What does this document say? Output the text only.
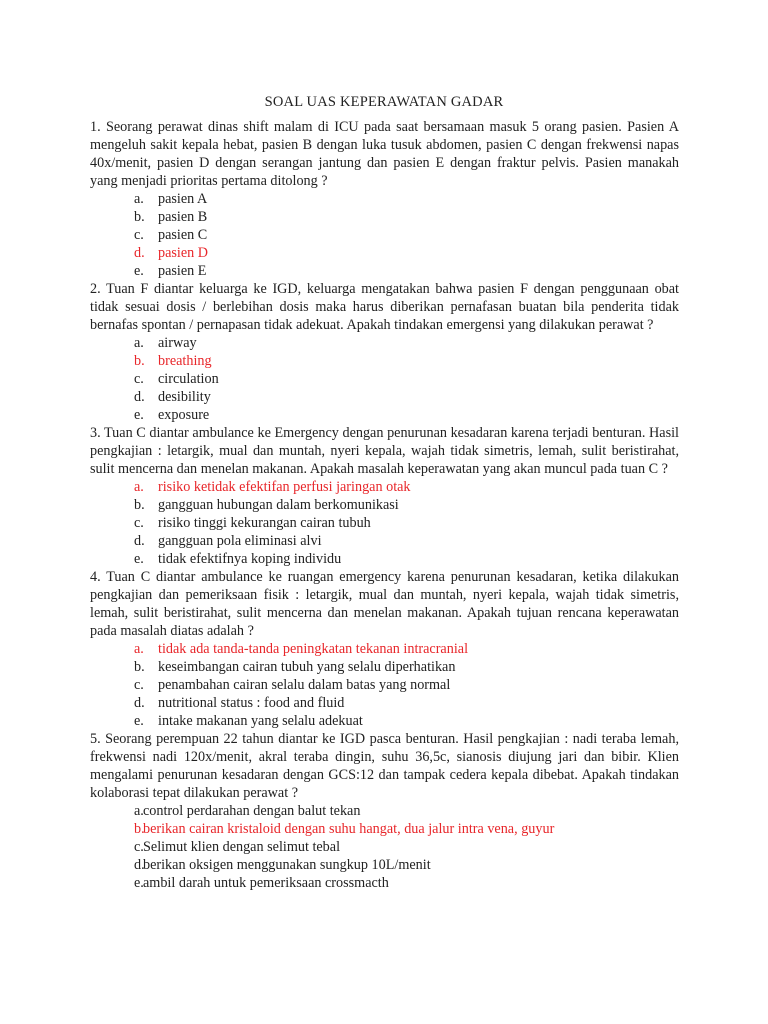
SOAL UAS KEPERAWATAN GADAR

1. Seorang perawat dinas shift malam di ICU pada saat bersamaan masuk 5 orang pasien. Pasien A mengeluh sakit kepala hebat, pasien B dengan luka tusuk abdomen, pasien C dengan frekwensi napas 40x/menit, pasien D dengan serangan jantung dan pasien E dengan fraktur pelvis. Pasien manakah yang menjadi prioritas pertama ditolong ?

a. pasien A
b. pasien B
c. pasien C
d. pasien D
e. pasien E

2. Tuan F diantar keluarga ke IGD, keluarga mengatakan bahwa pasien F dengan penggunaan obat tidak sesuai dosis / berlebihan dosis maka harus diberikan pernafasan buatan bila penderita tidak bernafas spontan / pernapasan tidak adekuat. Apakah tindakan emergensi yang dilakukan perawat ?

a. airway
b. breathing
c. circulation
d. desibility
e. exposure

3. Tuan C diantar ambulance ke Emergency dengan penurunan kesadaran karena terjadi benturan. Hasil pengkajian : letargik, mual dan muntah, nyeri kepala, wajah tidak simetris, lemah, sulit beristirahat, sulit mencerna dan menelan makanan. Apakah masalah keperawatan yang akan muncul pada tuan C ?

a. risiko ketidak efektifan perfusi jaringan otak
b. gangguan hubungan dalam berkomunikasi
c. risiko tinggi kekurangan cairan tubuh
d. gangguan pola eliminasi alvi
e. tidak efektifnya koping individu

4. Tuan C diantar ambulance ke ruangan emergency karena penurunan kesadaran, ketika dilakukan pengkajian dan pemeriksaan fisik : letargik, mual dan muntah, nyeri kepala, wajah tidak simetris, lemah, sulit beristirahat, sulit mencerna dan menelan makanan. Apakah tujuan rencana keperawatan pada masalah diatas adalah ?

a. tidak ada tanda-tanda peningkatan tekanan intracranial
b. keseimbangan cairan tubuh yang selalu diperhatikan
c. penambahan cairan selalu dalam batas yang normal
d. nutritional status : food and fluid
e. intake makanan yang selalu adekuat

5. Seorang perempuan 22 tahun diantar ke IGD pasca benturan. Hasil pengkajian : nadi teraba lemah, frekwensi nadi 120x/menit, akral teraba dingin, suhu 36,5c, sianosis diujung jari dan bibir. Klien mengalami penurunan kesadaran dengan GCS:12 dan tampak cedera kepala dibebat. Apakah tindakan kolaborasi tepat dilakukan perawat ?

a. control perdarahan dengan balut tekan
b.
berikan cairan kristaloid dengan suhu hangat, dua jalur intra vena, guyur
c. Selimut klien dengan selimut tebal
d.
berikan oksigen menggunakan sungkup 10L/menit
e. ambil darah untuk pemeriksaan crossmacth
